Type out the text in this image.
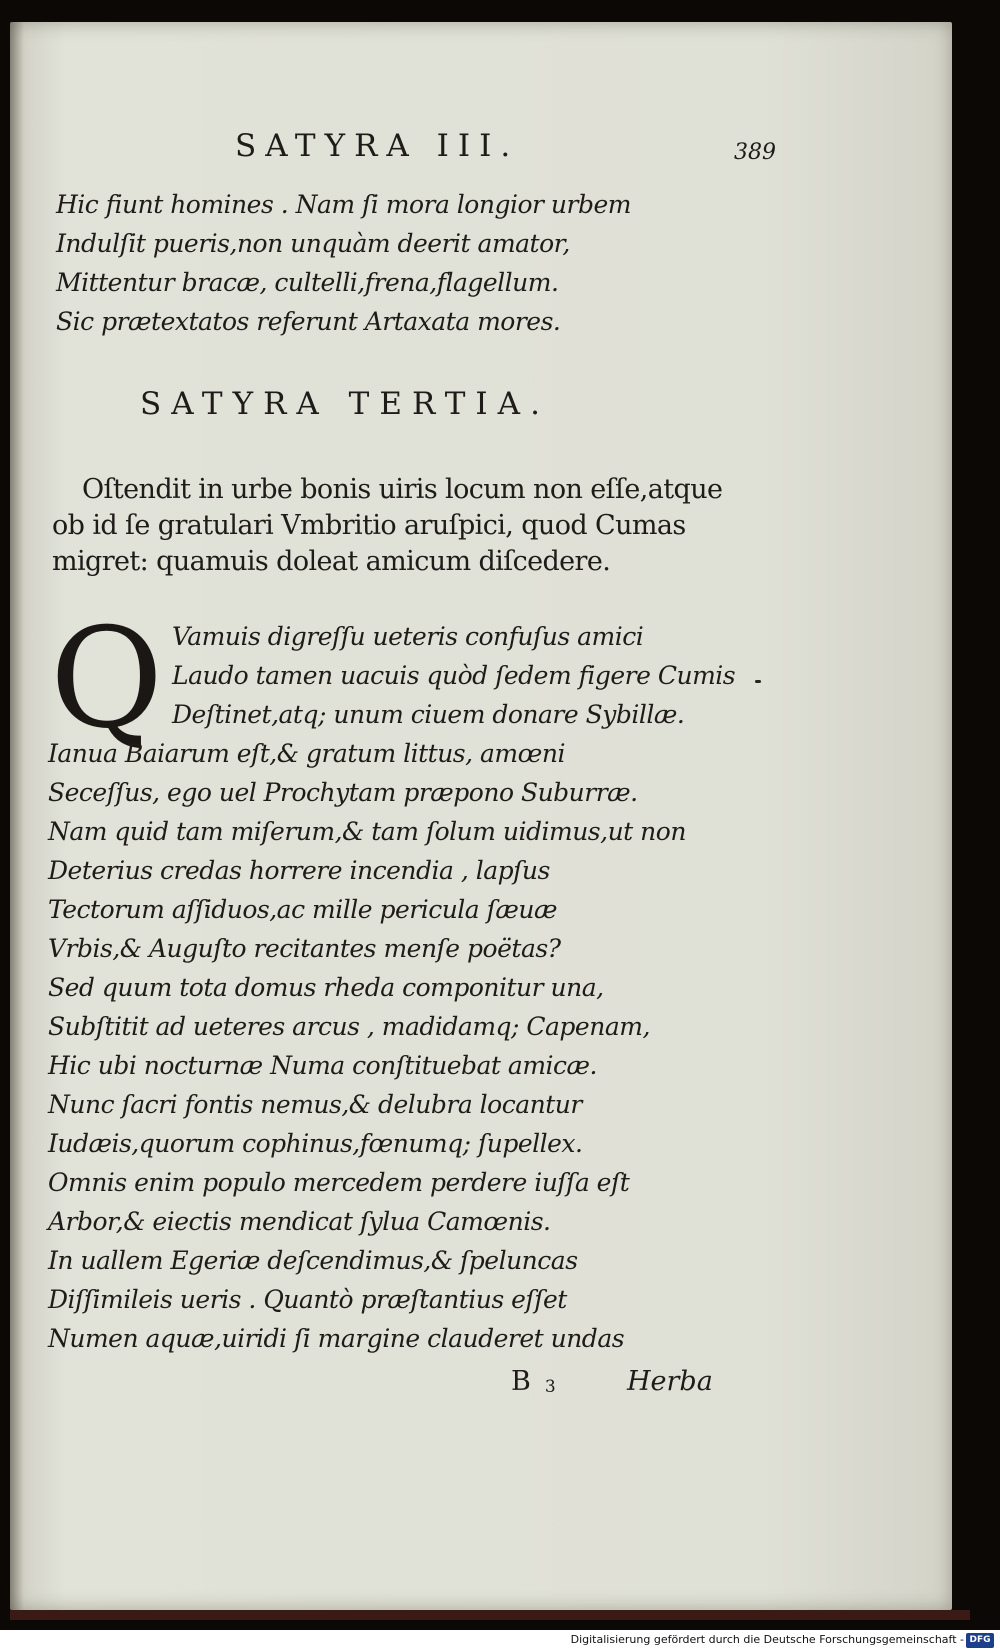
SATYRA III.	389
Hic fiunt homines . Nam ſi mora longior urbem
Indulſit pueris,non unquàm deerit amator,
Mittentur bracæ, cultelli,frena,flagellum.
Sic prætextatos referunt Artaxata mores.
SATYRA TERTIA.
Oſtendit in urbe bonis uiris locum non eſſe,atque
ob id ſe gratulari Vmbritio aruſpici, quod Cumas
migret: quamuis doleat amicum diſcedere.
Q Vamuis digreſſu ueteris confuſus amici
Laudo tamen uacuis quòd ſedem figere Cumis
Deſtinet,atq; unum ciuem donare Sybillæ.
Ianua Baiarum eſt,& gratum littus, amœni
Seceſſus, ego uel Prochytam præpono Suburræ.
Nam quid tam miſerum,& tam ſolum uidimus,ut non
Deterius credas horrere incendia , lapſus
Tectorum aſſiduos,ac mille pericula ſæuæ
Vrbis,& Auguſto recitantes menſe poëtas?
Sed quum tota domus rheda componitur una,
Subſtitit ad ueteres arcus , madidamq; Capenam,
Hic ubi nocturnæ Numa conſtituebat amicæ.
Nunc ſacri fontis nemus,& delubra locantur
Iudæis,quorum cophinus,fœnumq; ſupellex.
Omnis enim populo mercedem perdere iuſſa eſt
Arbor,& eiectis mendicat ſylua Camœnis.
In uallem Egeriæ deſcendimus,& ſpeluncas
Diſſimileis ueris . Quantò præſtantius eſſet
Numen aquæ,uiridi ſi margine clauderet undas
B 3	Herba
Digitalisierung gefördert durch die Deutsche Forschungsgemeinschaft - DFG
